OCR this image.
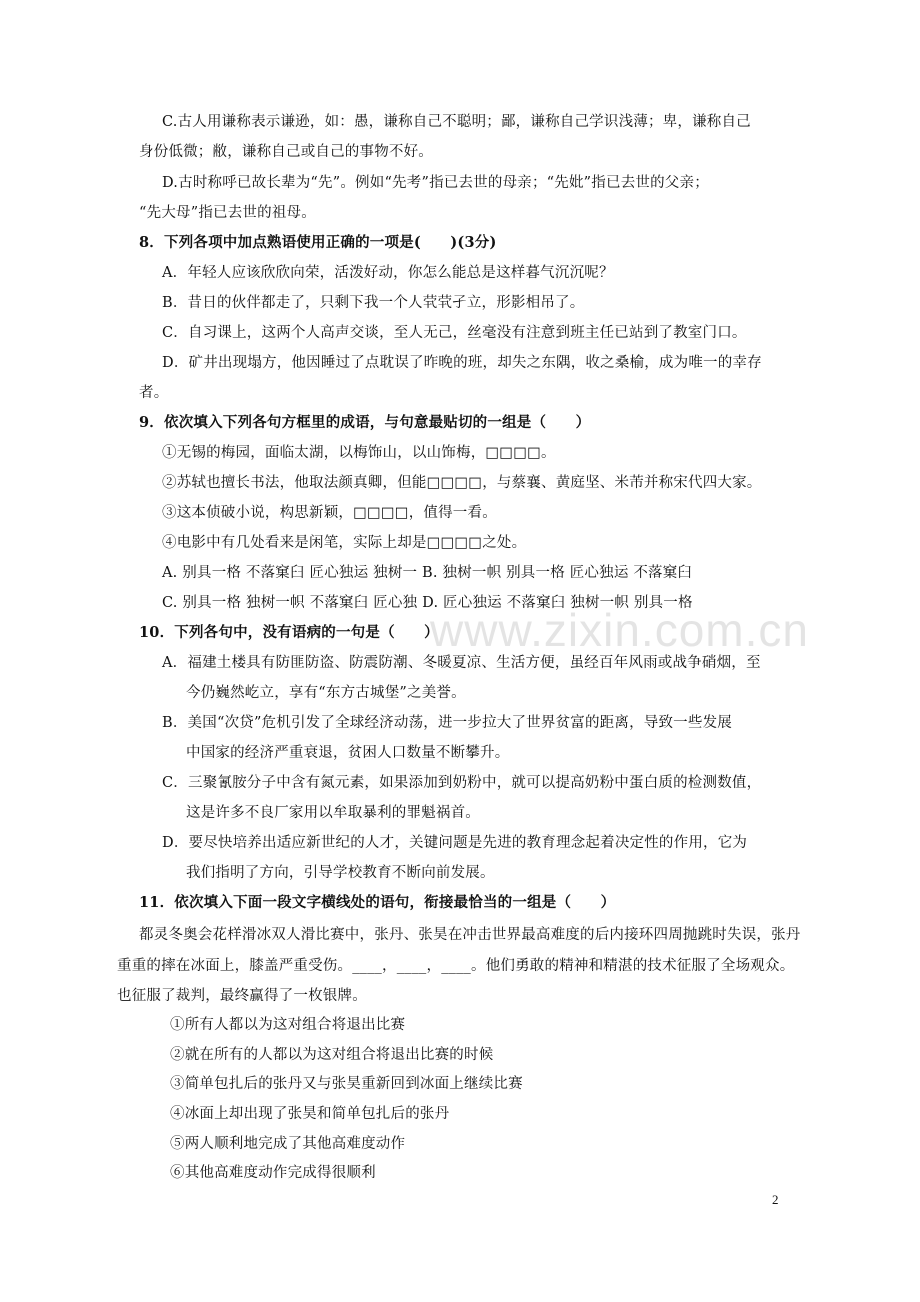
www.zixin.com.cn
C.古人用谦称表示谦逊，如：愚，谦称自己不聪明；鄙，谦称自己学识浅薄；卑，谦称自己
身份低微；敝，谦称自己或自己的事物不好。
D.古时称呼已故长辈为“先”。例如“先考”指已去世的母亲；“先妣”指已去世的父亲；
“先大母”指已去世的祖母。
8．下列各项中加点熟语使用正确的一项是(　　)(3分)
A．年轻人应该欣欣向荣，活泼好动，你怎么能总是这样暮气沉沉呢？
B．昔日的伙伴都走了，只剩下我一个人茕茕孑立，形影相吊了。
C．自习课上，这两个人高声交谈，至人无己，丝毫没有注意到班主任已站到了教室门口。
D．矿井出现塌方，他因睡过了点耽误了昨晚的班，却失之东隅，收之桑榆，成为唯一的幸存
者。
9．依次填入下列各句方框里的成语，与句意最贴切的一组是（　　）
①无锡的梅园，面临太湖，以梅饰山，以山饰梅，□□□□。
②苏轼也擅长书法，他取法颜真卿，但能□□□□，与蔡襄、黄庭坚、米芾并称宋代四大家。
③这本侦破小说，构思新颖，□□□□，值得一看。
④电影中有几处看来是闲笔，实际上却是□□□□之处。
A. 别具一格 不落窠臼 匠心独运 独树一 B. 独树一帜 别具一格 匠心独运 不落窠臼
C. 别具一格 独树一帜 不落窠臼 匠心独 D. 匠心独运 不落窠臼 独树一帜 别具一格
10．下列各句中，没有语病的一句是（　　）
A．福建土楼具有防匪防盗、防震防潮、冬暖夏凉、生活方便，虽经百年风雨或战争硝烟，至
今仍巍然屹立，享有“东方古城堡”之美誉。
B．美国“次贷”危机引发了全球经济动荡，进一步拉大了世界贫富的距离，导致一些发展
中国家的经济严重衰退，贫困人口数量不断攀升。
C．三聚氰胺分子中含有氮元素，如果添加到奶粉中，就可以提高奶粉中蛋白质的检测数值，
这是许多不良厂家用以牟取暴利的罪魁祸首。
D．要尽快培养出适应新世纪的人才，关键问题是先进的教育理念起着决定性的作用，它为
我们指明了方向，引导学校教育不断向前发展。
11．依次填入下面一段文字横线处的语句，衔接最恰当的一组是（　　）
都灵冬奥会花样滑冰双人滑比赛中，张丹、张昊在冲击世界最高难度的后内接环四周抛跳时失误，张丹
重重的摔在冰面上，膝盖严重受伤。____，____，____。他们勇敢的精神和精湛的技术征服了全场观众。
也征服了裁判，最终赢得了一枚银牌。
①所有人都以为这对组合将退出比赛
②就在所有的人都以为这对组合将退出比赛的时候
③简单包扎后的张丹又与张昊重新回到冰面上继续比赛
④冰面上却出现了张昊和简单包扎后的张丹
⑤两人顺利地完成了其他高难度动作
⑥其他高难度动作完成得很顺利
2
